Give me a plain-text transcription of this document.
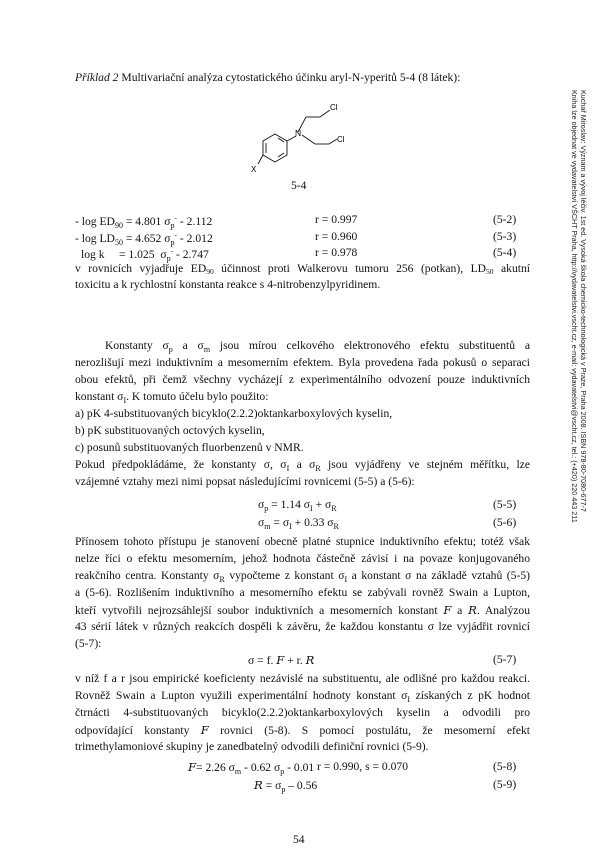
Příklad 2 Multivariační analýza cytostatického účinku aryl-N-yperitů 5-4 (8 látek):
Cl
N
Cl
X
5-4
- $\log ED_{90} = 4.801$ $\sigma_p^- - 2.112$	r = 0.997	(5-2)
- $\log LD_{50} = 4.652$ $\sigma_p^- - 2.012$	r = 0.960	(5-3)
log k     = 1.025  $\sigma_p^- - 2.747$	r = 0.978	(5-4)
v rovnicích vyjadřuje ED90 účinnost proti Walkerovu tumoru 256 (potkan), LD50 akutní
toxicitu a k rychlostní konstanta reakce s 4-nitrobenzylpyridinem.
Konstanty $\sigma_p$ a $\sigma_m$ jsou mírou celkového elektronového efektu substituentů a
nerozlišují mezi induktivním a mesomerním efektem. Byla provedena řada pokusů o separaci
obou efektů, při čemž všechny vycházejí z experimentálního odvození pouze induktivních
konstant $\sigma_I$. K tomuto účelu bylo použito:
a) pK 4-substituovaných bicyklo(2.2.2)oktankarboxylových kyselin,
b) pK substituovaných octových kyselin,
c) posunů substituovaných fluorbenzenů v NMR.
Pokud předpokládáme, že konstanty σ, $\sigma_I$ a $\sigma_R$ jsou vyjádřeny ve stejném měřítku, lze
vzájemné vztahy mezi nimi popsat následujícími rovnicemi (5-5) a (5-6):
$\sigma_p = 1.14$ $\sigma_I + \sigma_R$	(5-5)
$\sigma_m = \sigma_I + 0.33$ $\sigma_R$	(5-6)
Přínosem tohoto přístupu je stanovení obecně platné stupnice induktivního efektu; totéž však
nelze říci o efektu mesomerním, jehož hodnota částečně závisí i na povaze konjugovaného
reakčního centra. Konstanty $\sigma_R$ vypočteme z konstant $\sigma_I$ a konstant σ na základě vztahů (5-5)
a (5-6). Rozlišením induktivního a mesomerního efektu se zabývali rovněž Swain a Lupton,
kteří vytvořili nejrozsáhlejší soubor induktivních a mesomerních konstant F a R. Analýzou
43 sérií látek v různých reakcích dospěli k závěru, že každou konstantu σ lze vyjádřit rovnicí
(5-7):
σ = f. F + r. R	(5-7)
v níž f a r jsou empirické koeficienty nezávislé na substituentu, ale odlišné pro každou reakci.
Rovněž Swain a Lupton využili experimentální hodnoty konstant $\sigma_I$ získaných z pK hodnot
čtrnácti 4-substituovaných bicyklo(2.2.2)oktankarboxylových kyselin a odvodili pro
odpovídající konstanty F rovnici (5-8). S pomocí postulátu, že mesomerní efekt
trimethylamoniové skupiny je zanedbatelný odvodili definiční rovnici (5-9).
F= 2.26 $\sigma_m - 0.62$ $\sigma_p - 0.01$ r = 0.990, s = 0.070	(5-8)
$R = \sigma_p - 0.56$	(5-9)
54
Kuchař Miroslav: Význam a vývoj léčiv. 1st ed. Vysoká škola chemicko-technologická v Praze, Praha 2008. ISBN 978-80-7080-677-7
Kniha lze objednat ve vydavatelství VŠCHT Praha, http://vydavatelstvi.vscht.cz, e-mail: vydavatelstvi@vscht.cz, tel.: (+420) 220 443 211
